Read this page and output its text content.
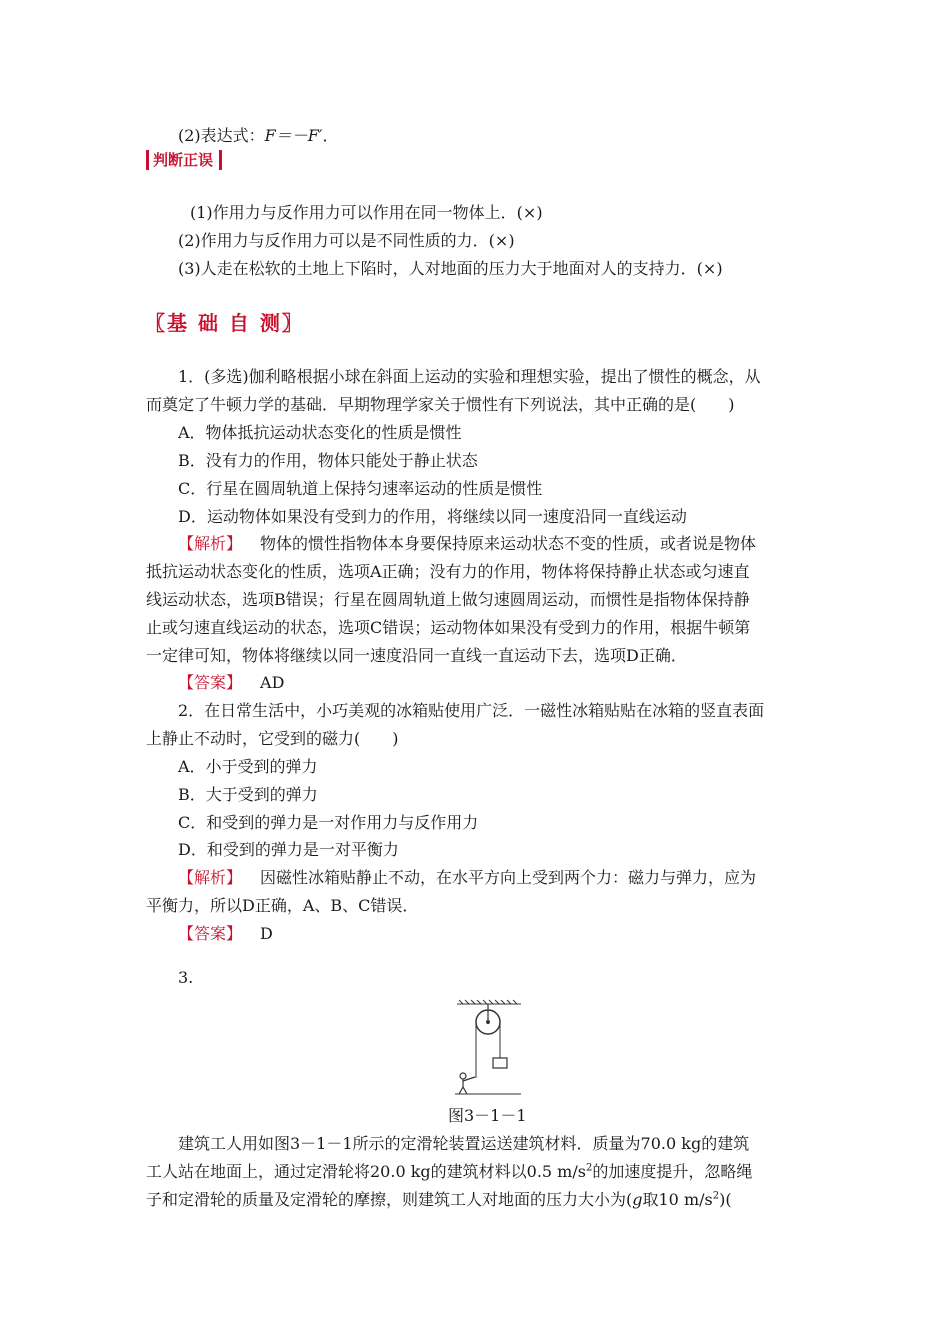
(2)表达式：F＝－F′．
判断正误
(1)作用力与反作用力可以作用在同一物体上．(×)
(2)作用力与反作用力可以是不同性质的力．(×)
(3)人走在松软的土地上下陷时，人对地面的压力大于地面对人的支持力．(×)
〖基 础 自 测〗
1．(多选)伽利略根据小球在斜面上运动的实验和理想实验，提出了惯性的概念，从
而奠定了牛顿力学的基础．早期物理学家关于惯性有下列说法，其中正确的是(　　)
A．物体抵抗运动状态变化的性质是惯性
B．没有力的作用，物体只能处于静止状态
C．行星在圆周轨道上保持匀速率运动的性质是惯性
D．运动物体如果没有受到力的作用，将继续以同一速度沿同一直线运动
【解析】 物体的惯性指物体本身要保持原来运动状态不变的性质，或者说是物体
抵抗运动状态变化的性质，选项A正确；没有力的作用，物体将保持静止状态或匀速直
线运动状态，选项B错误；行星在圆周轨道上做匀速圆周运动，而惯性是指物体保持静
止或匀速直线运动的状态，选项C错误；运动物体如果没有受到力的作用，根据牛顿第
一定律可知，物体将继续以同一速度沿同一直线一直运动下去，选项D正确．
【答案】 AD
2．在日常生活中，小巧美观的冰箱贴使用广泛．一磁性冰箱贴贴在冰箱的竖直表面
上静止不动时，它受到的磁力(　　)
A．小于受到的弹力
B．大于受到的弹力
C．和受到的弹力是一对作用力与反作用力
D．和受到的弹力是一对平衡力
【解析】 因磁性冰箱贴静止不动，在水平方向上受到两个力：磁力与弹力，应为
平衡力，所以D正确，A、B、C错误．
【答案】 D
3.
图3－1－1
建筑工人用如图3－1－1所示的定滑轮装置运送建筑材料．质量为70.0 kg的建筑
工人站在地面上，通过定滑轮将20.0 kg的建筑材料以0.5 $m/s^2$的加速度提升，忽略绳
子和定滑轮的质量及定滑轮的摩擦，则建筑工人对地面的压力大小为(g取10 $m/s^2$)(
